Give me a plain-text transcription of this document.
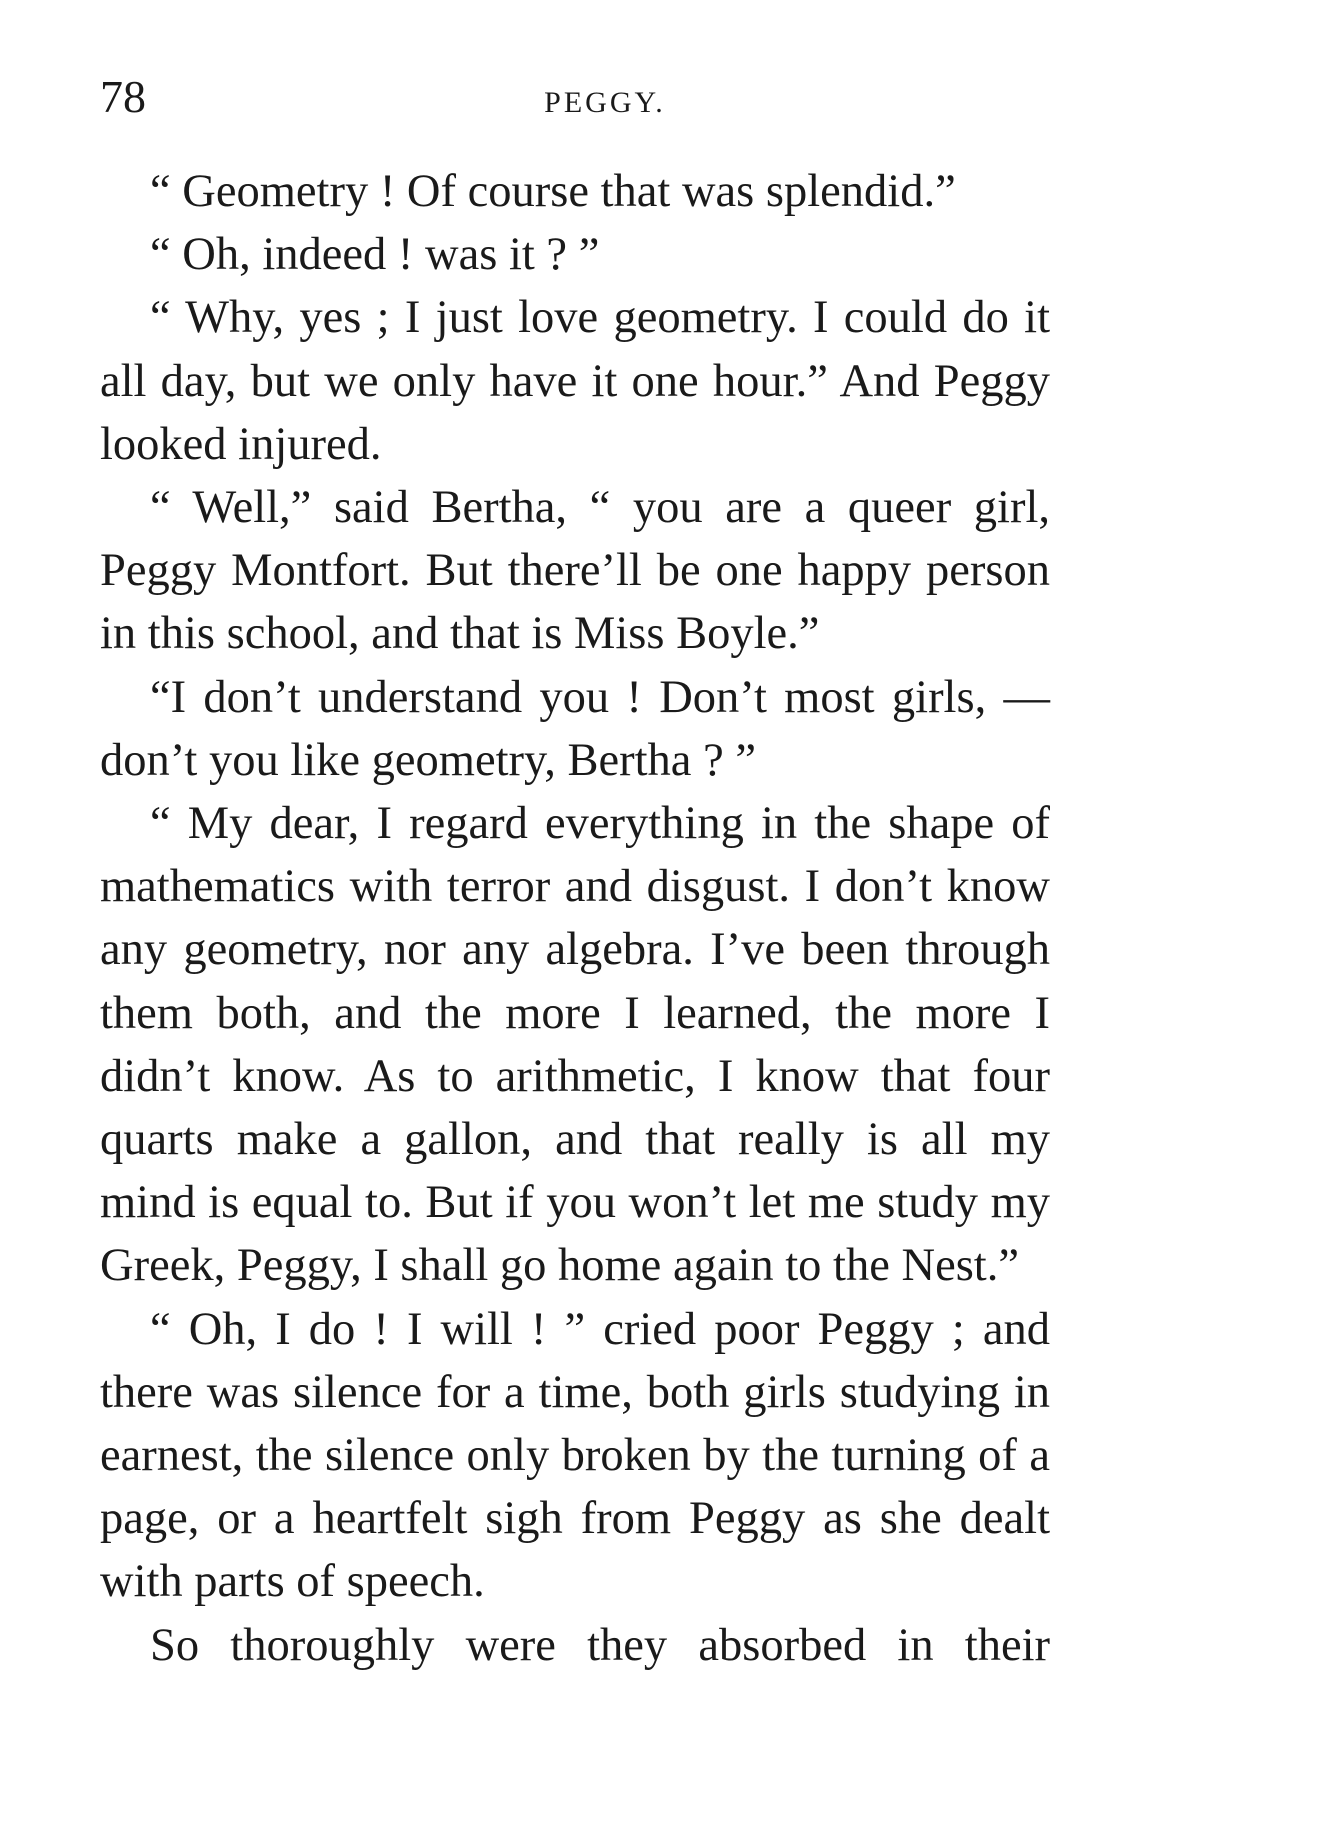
78	PEGGY.

“ Geometry ! Of course that was splendid.”

“ Oh, indeed ! was it ? ”

“ Why, yes ; I just love geometry. I could do it all day, but we only have it one hour.” And Peggy looked injured.

“ Well,” said Bertha, “ you are a queer girl, Peggy Montfort. But there’ll be one happy person in this school, and that is Miss Boyle.”

“I don’t understand you ! Don’t most girls, — don’t you like geometry, Bertha ? ”

“ My dear, I regard everything in the shape of mathematics with terror and disgust. I don’t know any geometry, nor any algebra. I’ve been through them both, and the more I learned, the more I didn’t know. As to arithmetic, I know that four quarts make a gallon, and that really is all my mind is equal to. But if you won’t let me study my Greek, Peggy, I shall go home again to the Nest.”

“ Oh, I do ! I will ! ” cried poor Peggy ; and there was silence for a time, both girls studying in earnest, the silence only broken by the turning of a page, or a heartfelt sigh from Peggy as she dealt with parts of speech.

So thoroughly were they absorbed in their
